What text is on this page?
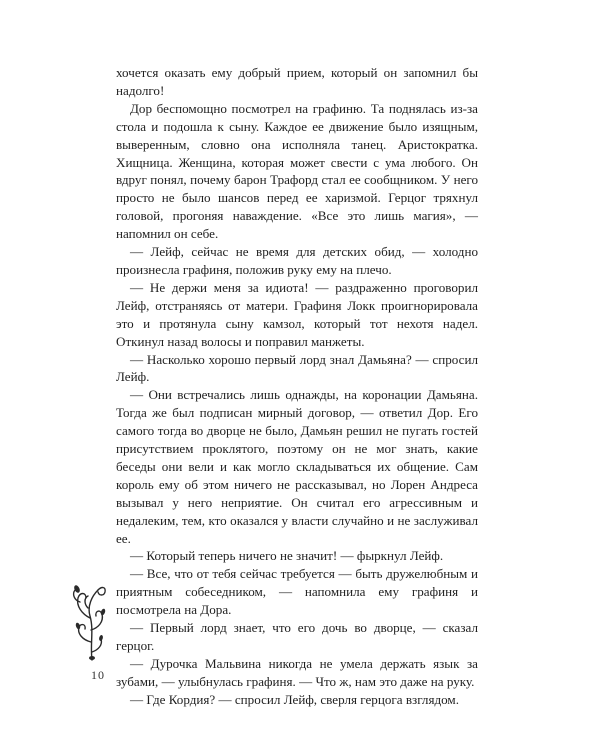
хочется оказать ему добрый прием, который он запомнил бы надолго!

Дор беспомощно посмотрел на графиню. Та поднялась из-за стола и подошла к сыну. Каждое ее движение было изящным, выверенным, словно она исполняла танец. Аристократка. Хищница. Женщина, которая может свести с ума любого. Он вдруг понял, почему барон Трафорд стал ее сообщником. У него просто не было шансов перед ее харизмой. Герцог тряхнул головой, прогоняя наваждение. «Все это лишь магия», — напомнил он себе.

— Лейф, сейчас не время для детских обид, — холодно произнесла графиня, положив руку ему на плечо.

— Не держи меня за идиота! — раздраженно проговорил Лейф, отстраняясь от матери. Графиня Локк проигнорировала это и протянула сыну камзол, который тот нехотя надел. Откинул назад волосы и поправил манжеты.

— Насколько хорошо первый лорд знал Дамьяна? — спросил Лейф.

— Они встречались лишь однажды, на коронации Дамьяна. Тогда же был подписан мирный договор, — ответил Дор. Его самого тогда во дворце не было, Дамьян решил не пугать гостей присутствием проклятого, поэтому он не мог знать, какие беседы они вели и как могло складываться их общение. Сам король ему об этом ничего не рассказывал, но Лорен Андреса вызывал у него неприятие. Он считал его агрессивным и недалеким, тем, кто оказался у власти случайно и не заслуживал ее.

— Который теперь ничего не значит! — фыркнул Лейф.

— Все, что от тебя сейчас требуется — быть дружелюбным и приятным собеседником, — напомнила ему графиня и посмотрела на Дора.

— Первый лорд знает, что его дочь во дворце, — сказал герцог.

— Дурочка Мальвина никогда не умела держать язык за зубами, — улыбнулась графиня. — Что ж, нам это даже на руку.

— Где Кордия? — спросил Лейф, сверля герцога взглядом.

10
